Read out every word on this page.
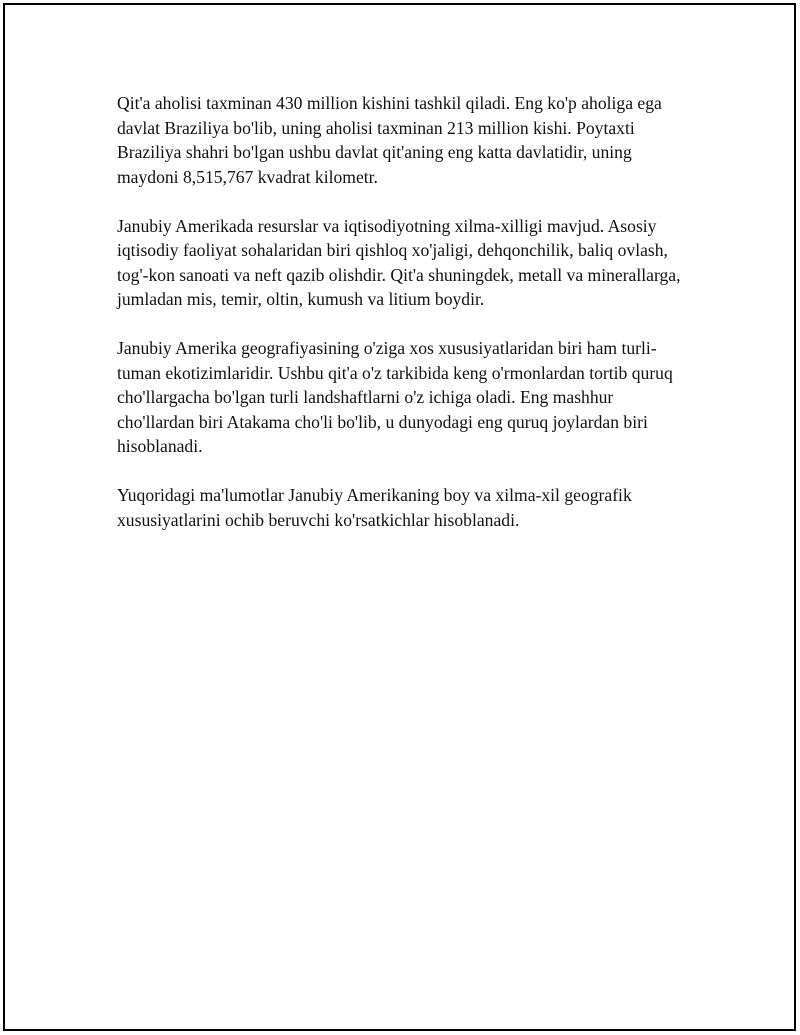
Qit'a aholisi taxminan 430 million kishini tashkil qiladi. Eng ko'p aholiga ega davlat Braziliya bo'lib, uning aholisi taxminan 213 million kishi. Poytaxti Braziliya shahri bo'lgan ushbu davlat qit'aning eng katta davlatidir, uning maydoni 8,515,767 kvadrat kilometr.

Janubiy Amerikada resurslar va iqtisodiyotning xilma-xilligi mavjud. Asosiy iqtisodiy faoliyat sohalaridan biri qishloq xo'jaligi, dehqonchilik, baliq ovlash, tog'-kon sanoati va neft qazib olishdir. Qit'a shuningdek, metall va minerallarga, jumladan mis, temir, oltin, kumush va litium boydir.

Janubiy Amerika geografiyasining o'ziga xos xususiyatlaridan biri ham turli-tuman ekotizimlaridir. Ushbu qit'a o'z tarkibida keng o'rmonlardan tortib quruq cho'llargacha bo'lgan turli landshaftlarni o'z ichiga oladi. Eng mashhur cho'llardan biri Atakama cho'li bo'lib, u dunyodagi eng quruq joylardan biri hisoblanadi.

Yuqoridagi ma'lumotlar Janubiy Amerikaning boy va xilma-xil geografik xususiyatlarini ochib beruvchi ko'rsatkichlar hisoblanadi.
